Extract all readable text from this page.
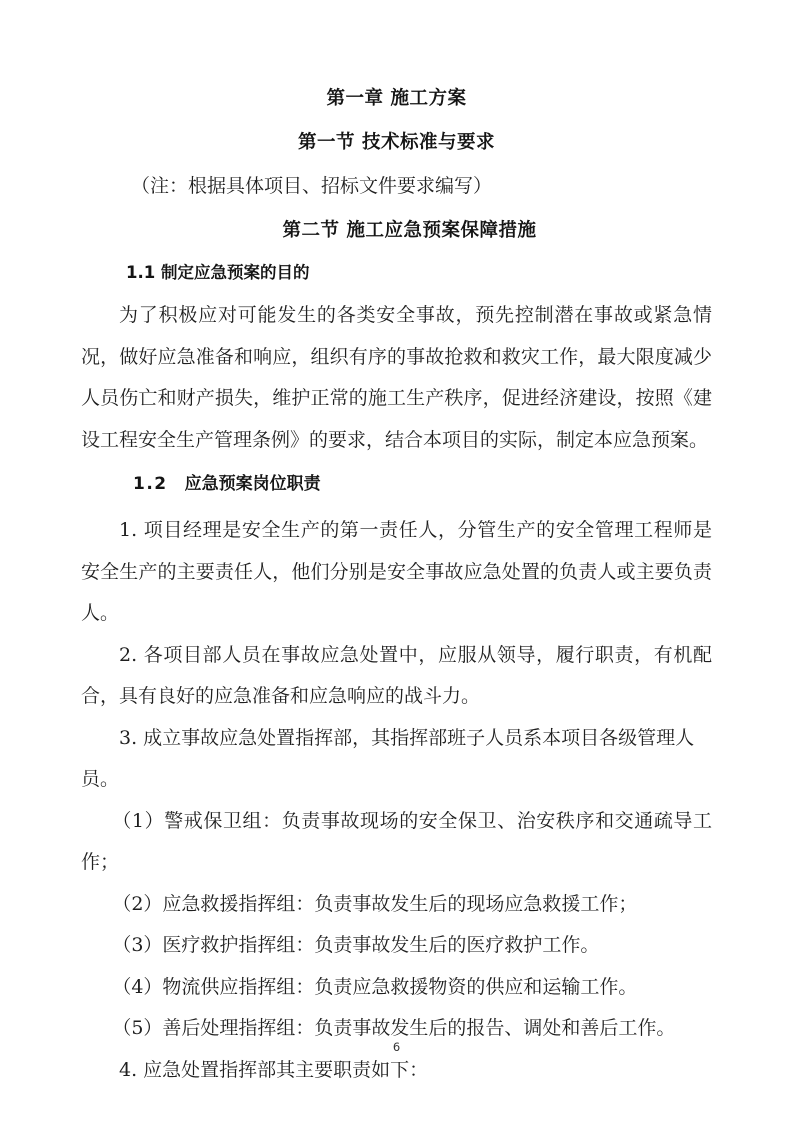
第一章 施工方案
第一节 技术标准与要求

（注：根据具体项目、招标文件要求编写）

第二节 施工应急预案保障措施
1.1 制定应急预案的目的

为了积极应对可能发生的各类安全事故，预先控制潜在事故或紧急情况，做好应急准备和响应，组织有序的事故抢救和救灾工作，最大限度减少人员伤亡和财产损失，维护正常的施工生产秩序，促进经济建设，按照《建设工程安全生产管理条例》的要求，结合本项目的实际，制定本应急预案。

1.2 应急预案岗位职责

1. 项目经理是安全生产的第一责任人，分管生产的安全管理工程师是安全生产的主要责任人，他们分别是安全事故应急处置的负责人或主要负责人。

2. 各项目部人员在事故应急处置中，应服从领导，履行职责，有机配合，具有良好的应急准备和应急响应的战斗力。

3. 成立事故应急处置指挥部，其指挥部班子人员系本项目各级管理人员。

（1）警戒保卫组：负责事故现场的安全保卫、治安秩序和交通疏导工作；

（2）应急救援指挥组：负责事故发生后的现场应急救援工作；

（3）医疗救护指挥组：负责事故发生后的医疗救护工作。

（4）物流供应指挥组：负责应急救援物资的供应和运输工作。

（5）善后处理指挥组：负责事故发生后的报告、调处和善后工作。

4. 应急处置指挥部其主要职责如下：

6
